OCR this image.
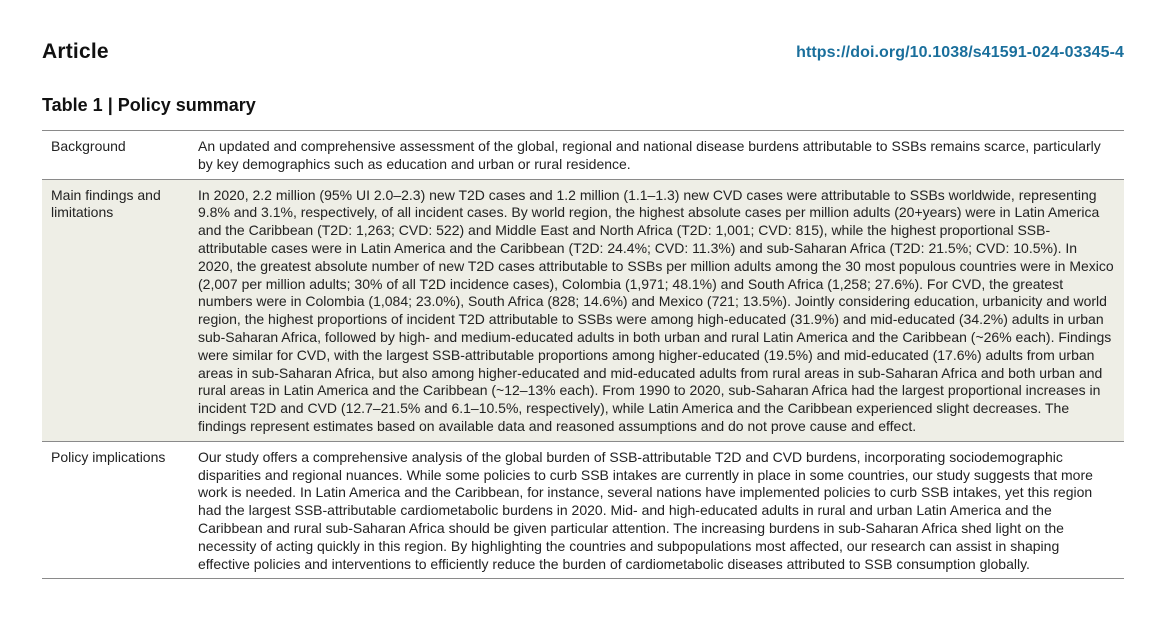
Article	https://doi.org/10.1038/s41591-024-03345-4
Table 1 | Policy summary
Background	An updated and comprehensive assessment of the global, regional and national disease burdens attributable to SSBs remains scarce, particularly by key demographics such as education and urban or rural residence.
Main findings and limitations	In 2020, 2.2 million (95% UI 2.0–2.3) new T2D cases and 1.2 million (1.1–1.3) new CVD cases were attributable to SSBs worldwide, representing 9.8% and 3.1%, respectively, of all incident cases. By world region, the highest absolute cases per million adults (20+years) were in Latin America and the Caribbean (T2D: 1,263; CVD: 522) and Middle East and North Africa (T2D: 1,001; CVD: 815), while the highest proportional SSB-attributable cases were in Latin America and the Caribbean (T2D: 24.4%; CVD: 11.3%) and sub-Saharan Africa (T2D: 21.5%; CVD: 10.5%). In 2020, the greatest absolute number of new T2D cases attributable to SSBs per million adults among the 30 most populous countries were in Mexico (2,007 per million adults; 30% of all T2D incidence cases), Colombia (1,971; 48.1%) and South Africa (1,258; 27.6%). For CVD, the greatest numbers were in Colombia (1,084; 23.0%), South Africa (828; 14.6%) and Mexico (721; 13.5%). Jointly considering education, urbanicity and world region, the highest proportions of incident T2D attributable to SSBs were among high-educated (31.9%) and mid-educated (34.2%) adults in urban sub-Saharan Africa, followed by high- and medium-educated adults in both urban and rural Latin America and the Caribbean (~26% each). Findings were similar for CVD, with the largest SSB-attributable proportions among higher-educated (19.5%) and mid-educated (17.6%) adults from urban areas in sub-Saharan Africa, but also among higher-educated and mid-educated adults from rural areas in sub-Saharan Africa and both urban and rural areas in Latin America and the Caribbean (~12–13% each). From 1990 to 2020, sub-Saharan Africa had the largest proportional increases in incident T2D and CVD (12.7–21.5% and 6.1–10.5%, respectively), while Latin America and the Caribbean experienced slight decreases. The findings represent estimates based on available data and reasoned assumptions and do not prove cause and effect.
Policy implications	Our study offers a comprehensive analysis of the global burden of SSB-attributable T2D and CVD burdens, incorporating sociodemographic disparities and regional nuances. While some policies to curb SSB intakes are currently in place in some countries, our study suggests that more work is needed. In Latin America and the Caribbean, for instance, several nations have implemented policies to curb SSB intakes, yet this region had the largest SSB-attributable cardiometabolic burdens in 2020. Mid- and high-educated adults in rural and urban Latin America and the Caribbean and rural sub-Saharan Africa should be given particular attention. The increasing burdens in sub-Saharan Africa shed light on the necessity of acting quickly in this region. By highlighting the countries and subpopulations most affected, our research can assist in shaping effective policies and interventions to efficiently reduce the burden of cardiometabolic diseases attributed to SSB consumption globally.
